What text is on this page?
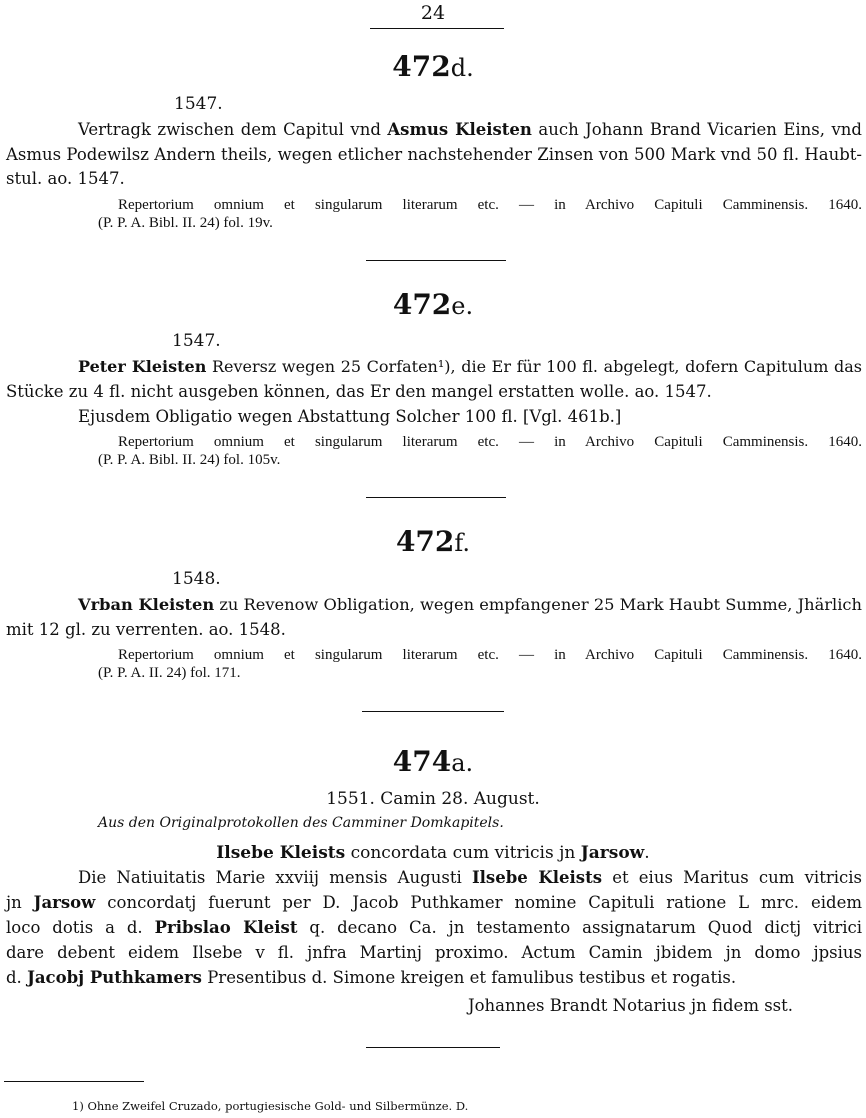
24
472d.
1547.
Vertragk zwischen dem Capitul vnd Asmus Kleisten auch Johann Brand Vicarien Eins, vnd
Asmus Podewilsz Andern theils, wegen etlicher nachstehender Zinsen von 500 Mark vnd 50 fl. Haubt-
stul. ao. 1547.
Repertorium omnium et singularum literarum etc. — in Archivo Capituli Camminensis. 1640.
(P. P. A. Bibl. II. 24) fol. 19v.
472e.
1547.
Peter Kleisten Reversz wegen 25 Corfaten¹), die Er für 100 fl. abgelegt, dofern Capitulum das
Stücke zu 4 fl. nicht ausgeben können, das Er den mangel erstatten wolle. ao. 1547.
Ejusdem Obligatio wegen Abstattung Solcher 100 fl. [Vgl. 461b.]
Repertorium omnium et singularum literarum etc. — in Archivo Capituli Camminensis. 1640.
(P. P. A. Bibl. II. 24) fol. 105v.
472f.
1548.
Vrban Kleisten zu Revenow Obligation, wegen empfangener 25 Mark Haubt Summe, Jhärlich
mit 12 gl. zu verrenten. ao. 1548.
Repertorium omnium et singularum literarum etc. — in Archivo Capituli Camminensis. 1640.
(P. P. A. II. 24) fol. 171.
474a.
1551. Camin 28. August.
Aus den Originalprotokollen des Camminer Domkapitels.
Ilsebe Kleists concordata cum vitricis jn Jarsow.
Die Natiuitatis Marie xxviij mensis Augusti Ilsebe Kleists et eius Maritus cum vitricis
jn Jarsow concordatj fuerunt per D. Jacob Puthkamer nomine Capituli ratione L mrc. eidem
loco dotis a d. Pribslao Kleist q. decano Ca. jn testamento assignatarum Quod dictj vitrici
dare debent eidem Ilsebe v fl. jnfra Martinj proximo. Actum Camin jbidem jn domo jpsius
d. Jacobj Puthkamers Presentibus d. Simone kreigen et famulibus testibus et rogatis.
Johannes Brandt Notarius jn fidem sst.
1) Ohne Zweifel Cruzado, portugiesische Gold- und Silbermünze. D.
